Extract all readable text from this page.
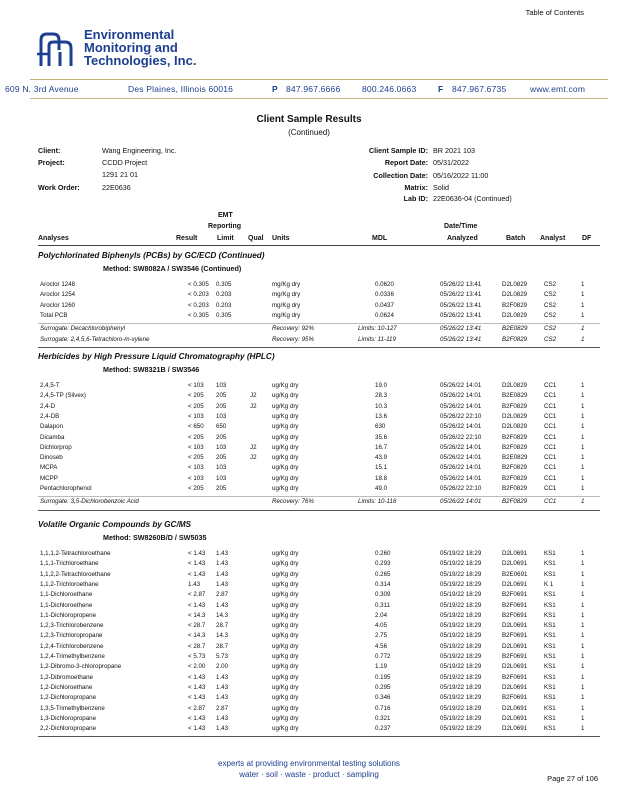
Table of Contents
Environmental
Monitoring and
Technologies, Inc.
609 N. 3rd Avenue	Des Plaines, Illinois 60016	P 847.967.6666	800.246.0663	F 847.967.6735	www.emt.com
Client Sample Results
(Continued)
Client:	Wang Engineering, Inc.
Project:	CCDD Project
1291 21 01
Work Order:	22E0636
Client Sample ID: BR 2021 103
Report Date: 05/31/2022
Collection Date: 05/16/2022 11:00
Matrix: Solid
Lab ID: 22E0636-04 (Continued)
Analyses	Result
EMT
Reporting
Limit Qual Units	MDL
Date/Time
Analyzed	Batch Analyst DF
Polychlorinated Biphenyls (PCBs) by GC/ECD (Continued)
Method: SW8082A / SW3546 (Continued)
Aroclor 1248	< 0.305 0.305	mg/Kg dry	0.0620	05/26/22 13:41	D2L0829	CS2	1
Aroclor 1254	< 0.203 0.203	mg/Kg dry	0.0336	05/26/22 13:41	D2L0829	CS2	1
Aroclor 1260	< 0.203 0.203	mg/Kg dry	0.0437	05/26/22 13:41	B2F0829	CS2	1
Total PCB	< 0.305 0.305	mg/Kg dry	0.0624	05/26/22 13:41	D2L0829	CS2	1
Surrogate: Decachlorobiphenyl	Recovery: 92%	Limits: 10-127	05/26/22 13:41	B2E0829	CS2	1
Surrogate: 2,4,5,6-Tetrachloro-m-xylene	Recovery: 95%	Limits: 11-119	05/26/22 13:41	B2F0829	CS2	1
Herbicides by High Pressure Liquid Chromatography (HPLC)
Method: SW8321B / SW3546
2,4,5-T	< 103 103	ug/Kg dry	19.0	05/26/22 14:01	D2L0829	CC1	1
2,4,5-TP (Silvex)	< 205 205	J2 ug/Kg dry	28.3	05/26/22 14:01	B2E0829	CC1	1
2,4-D	< 205 205	J2 ug/Kg dry	10.3	05/26/22 14:01	B2F0829	CC1	1
2,4-DB	< 103 103	ug/Kg dry	13.6	05/26/22 22:10	D2L0829	CC1	1
Dalapon	< 650 650	ug/Kg dry	630	05/26/22 14:01	D2L0829	CC1	1
Dicamba	< 205 205	ug/Kg dry	35.6	05/26/22 22:10	B2F0829	CC1	1
Dichlorprop	< 103 103	J2 ug/Kg dry	16.7	05/26/22 14:01	B2F0829	CC1	1
Dinoseb	< 205 205	J2 ug/Kg dry	43.9	05/26/22 14:01	B2E0829	CC1	1
MCPA	< 103 103	ug/Kg dry	15.1	05/26/22 14:01	B2F0829	CC1	1
MCPP	< 103 103	ug/Kg dry	18.8	05/26/22 14:01	B2F0829	CC1	1
Pentachlorophenol	< 205 205	ug/Kg dry	49.0	05/26/22 22:10	B2F0829	CC1	1
Surrogate: 3,5-Dichlorobenzoic Acid	Recovery: 76%	Limits: 10-116	05/26/22 14:01	B2F0829	CC1	1
Volatile Organic Compounds by GC/MS
Method: SW8260B/D / SW5035
1,1,1,2-Tetrachloroethane	< 1.43 1.43	ug/Kg dry	0.260	05/19/22 18:29	D2L0691	KS1	1
1,1,1-Trichloroethane	< 1.43 1.43	ug/Kg dry	0.293	05/19/22 18:29	D2L0691	KS1	1
1,1,2,2-Tetrachloroethane	< 1.43 1.43	ug/Kg dry	0.265	05/19/22 18:29	B2E0691	KS1	1
1,1,2-Trichloroethane	1.43	1.43	ug/Kg dry	0.314	05/19/22 18:29	D2L0691	K 1	1
1,1-Dichloroethane	< 2.87 2.87	ug/Kg dry	0.309	05/19/22 18:29	B2F0691	KS1	1
1,1-Dichloroethene	< 1.43 1.43	ug/Kg dry	0.311	05/19/22 18:29	B2F0691	KS1	1
1,1-Dichloropropene	< 14.3 14.3	ug/Kg dry	2.04	05/19/22 18:29	B2F0691	KS1	1
1,2,3-Trichlorobenzene	< 28.7 28.7	ug/Kg dry	4.05	05/19/22 18:29	D2L0691	KS1	1
1,2,3-Trichloropropane	< 14.3 14.3	ug/Kg dry	2.75	05/19/22 18:29	B2F0691	KS1	1
1,2,4-Trichlorobenzene	< 28.7 28.7	ug/Kg dry	4.56	05/19/22 18:29	D2L0691	KS1	1
1,2,4-Trimethylbenzene	< 5.73 5.73	ug/Kg dry	0.772	05/19/22 18:29	B2F0691	KS1	1
1,2-Dibromo-3-chloropropane	< 2.00 2.00	ug/Kg dry	1.19	05/19/22 18:29	D2L0691	KS1	1
1,2-Dibromoethane	< 1.43 1.43	ug/Kg dry	0.195	05/19/22 18:29	B2F0691	KS1	1
1,2-Dichloroethane	< 1.43 1.43	ug/Kg dry	0.295	05/19/22 18:29	D2L0691	KS1	1
1,2-Dichloropropane	< 1.43 1.43	ug/Kg dry	0.346	05/19/22 18:29	B2F0691	KS1	1
1,3,5-Trimethylbenzene	< 2.87 2.87	ug/Kg dry	0.716	05/19/22 18:29	D2L0691	KS1	1
1,3-Dichloropropane	< 1.43 1.43	ug/Kg dry	0.321	05/19/22 18:29	D2L0691	KS1	1
2,2-Dichloropropane	< 1.43 1.43	ug/Kg dry	0.237	05/19/22 18:29	D2L0691	KS1	1
experts at providing environmental testing solutions
water · soil · waste · product · sampling	Page 27 of 106
